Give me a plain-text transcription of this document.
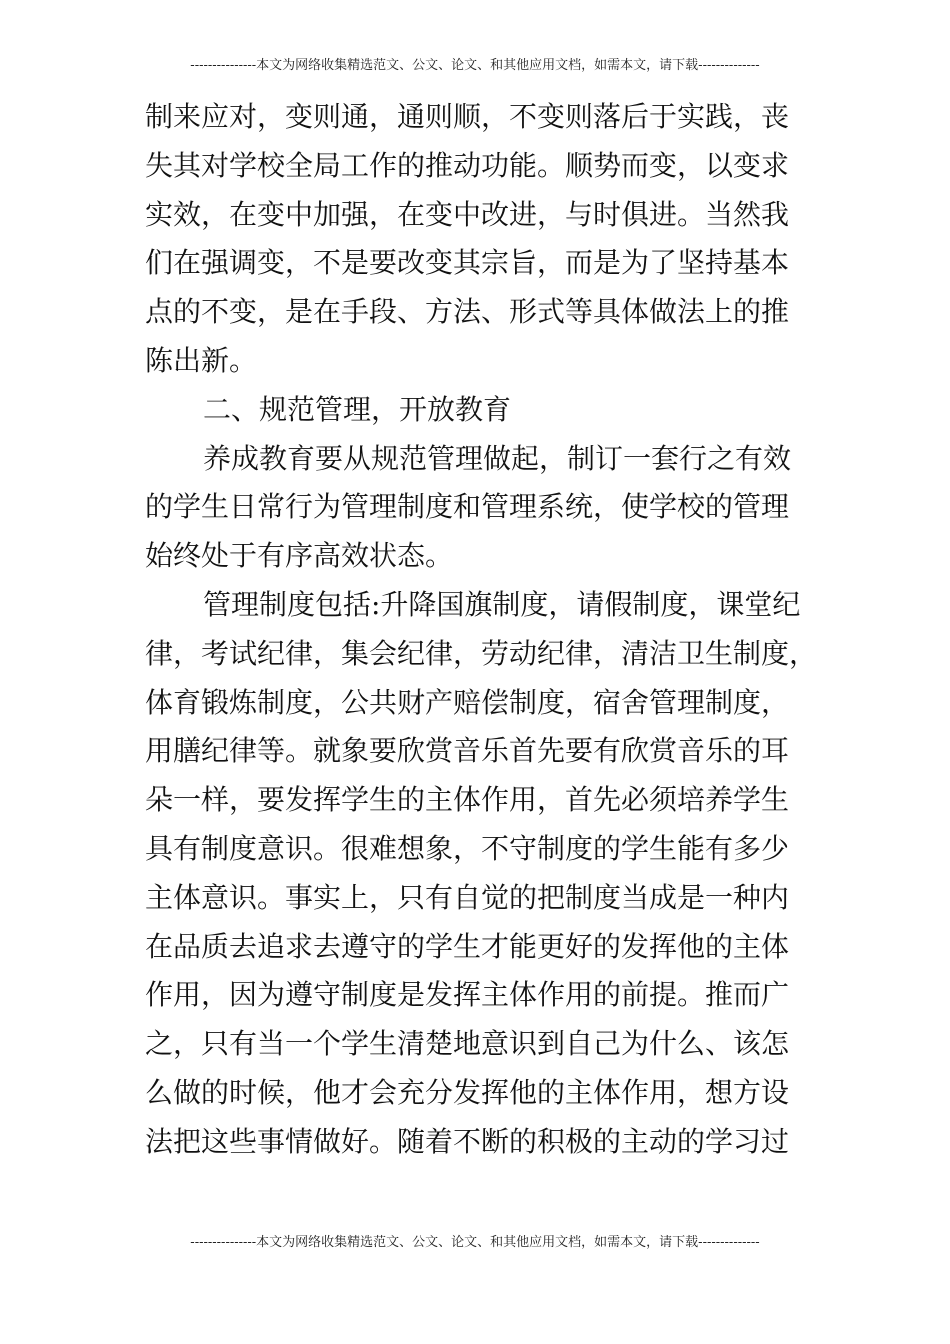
---------------本文为网络收集精选范文、公文、论文、和其他应用文档，如需本文，请下载--------------
制来应对，变则通，通则顺，不变则落后于实践，丧
失其对学校全局工作的推动功能。顺势而变，以变求
实效，在变中加强，在变中改进，与时俱进。当然我
们在强调变，不是要改变其宗旨，而是为了坚持基本
点的不变，是在手段、方法、形式等具体做法上的推
陈出新。
二、规范管理，开放教育
养成教育要从规范管理做起，制订一套行之有效
的学生日常行为管理制度和管理系统，使学校的管理
始终处于有序高效状态。
管理制度包括:升降国旗制度，请假制度，课堂纪
律，考试纪律，集会纪律，劳动纪律，清洁卫生制度，
体育锻炼制度，公共财产赔偿制度，宿舍管理制度，
用膳纪律等。就象要欣赏音乐首先要有欣赏音乐的耳
朵一样，要发挥学生的主体作用，首先必须培养学生
具有制度意识。很难想象，不守制度的学生能有多少
主体意识。事实上，只有自觉的把制度当成是一种内
在品质去追求去遵守的学生才能更好的发挥他的主体
作用，因为遵守制度是发挥主体作用的前提。推而广
之，只有当一个学生清楚地意识到自己为什么、该怎
么做的时候，他才会充分发挥他的主体作用，想方设
法把这些事情做好。随着不断的积极的主动的学习过
---------------本文为网络收集精选范文、公文、论文、和其他应用文档，如需本文，请下载--------------
